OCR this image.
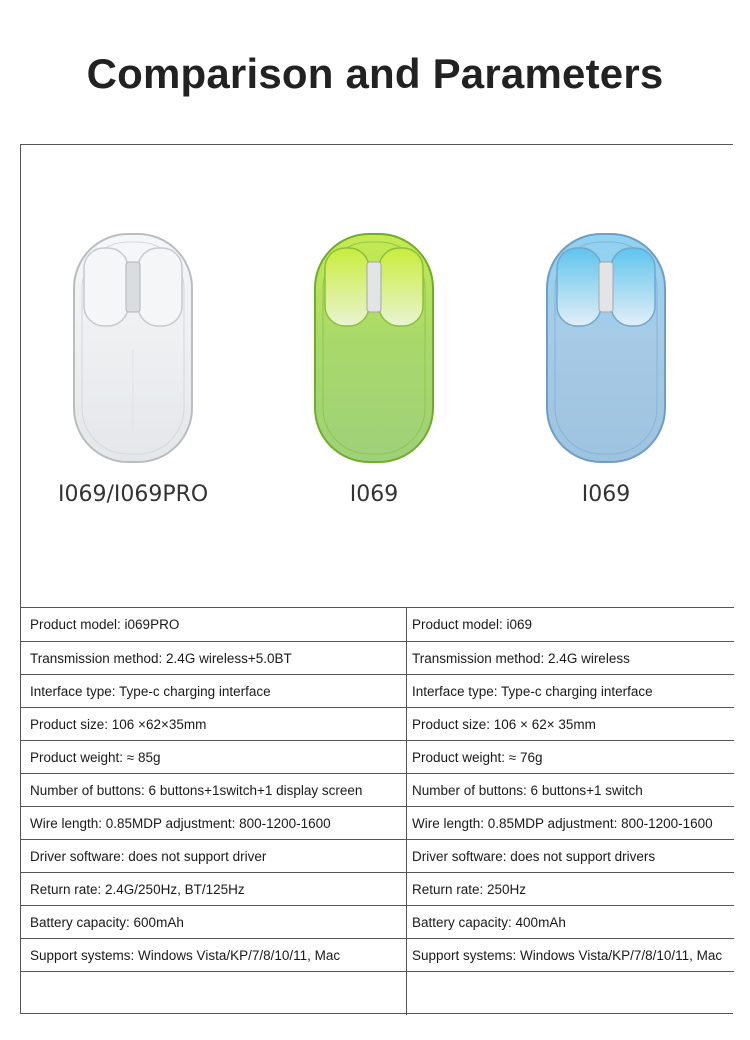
Comparison and Parameters
I069/I069PRO	I069	I069
Product model: i069PRO	Product model: i069
Transmission method: 2.4G wireless+5.0BT	Transmission method: 2.4G wireless
Interface type: Type-c charging interface	Interface type: Type-c charging interface
Product size: 106 ×62×35mm	Product size: 106 × 62× 35mm
Product weight: ≈ 85g	Product weight: ≈ 76g
Number of buttons: 6 buttons+1switch+1 display screen	Number of buttons: 6 buttons+1 switch
Wire length: 0.85MDP adjustment: 800-1200-1600	Wire length: 0.85MDP adjustment: 800-1200-1600
Driver software: does not support driver	Driver software: does not support drivers
Return rate: 2.4G/250Hz, BT/125Hz	Return rate: 250Hz
Battery capacity: 600mAh	Battery capacity: 400mAh
Support systems: Windows Vista/KP/7/8/10/11, Mac	Support systems: Windows Vista/KP/7/8/10/11, Mac
